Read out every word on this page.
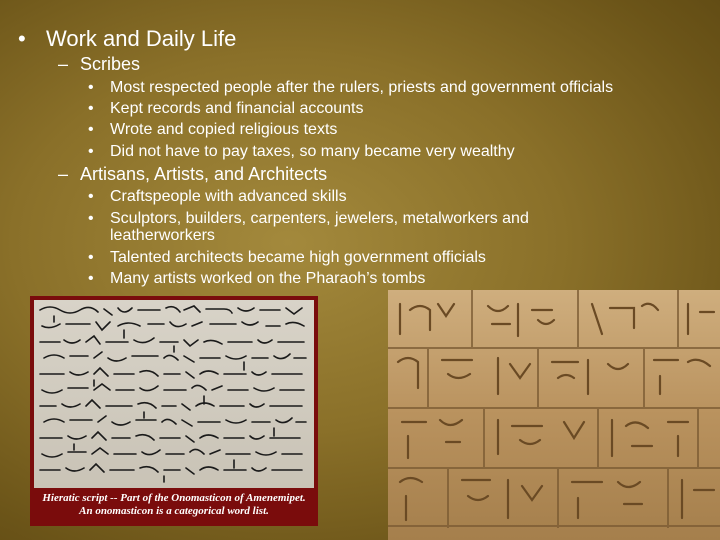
• Work and Daily Life
– Scribes
•	Most respected people after the rulers, priests and government officials
•	Kept records and financial accounts
•	Wrote and copied religious texts
•	Did not have to pay taxes, so many became very wealthy
– Artisans, Artists, and Architects
•	Craftspeople with advanced skills
•	Sculptors, builders, carpenters, jewelers, metalworkers and
leatherworkers
•	Talented architects became high government officials
•	Many artists worked on the Pharaoh’s tombs
Hieratic script -- Part of the Onomasticon of Amenemipet.
An onomasticon is a categorical word list.
